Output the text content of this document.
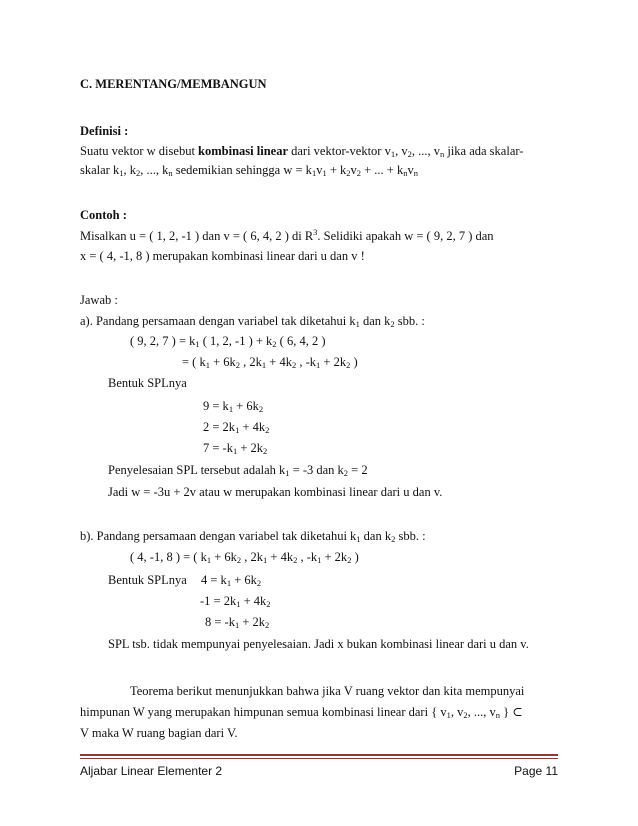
C. MERENTANG/MEMBANGUN
Definisi :
Suatu vektor w disebut kombinasi linear dari vektor-vektor $v_1$, $v_2$, ..., $v_n$ jika ada skalar-
skalar $k_1$, $k_2$, ..., $k_n$ sedemikian sehingga $w = k_1v_1 + k_2v_2$ + ... + $k_nv_n$
Contoh :
Misalkan u = ( 1, 2, -1 ) dan v = ( 6, 4, 2 ) di $R^3$. Selidiki apakah w = ( 9, 2, 7 ) dan
x = ( 4, -1, 8 ) merupakan kombinasi linear dari u dan v !
Jawab :
a). Pandang persamaan dengan variabel tak diketahui $k_1$ dan $k_2$ sbb. :
( 9, 2, 7 ) = $k_1$ ( 1, 2, -1 ) + $k_2$ ( 6, 4, 2 )
= ( $k_1 + 6k_2$ , $2k_1 + 4k_2$ , $-k_1 + 2k_2$ )
Bentuk SPLnya
$9 = k_1 + 6k_2$
$2 = 2k_1 + 4k_2$
$7 = -k_1 + 2k_2$
Penyelesaian SPL tersebut adalah $k_1 = -3$ dan $k_2 = 2$
Jadi w = -3u + 2v atau w merupakan kombinasi linear dari u dan v.
b). Pandang persamaan dengan variabel tak diketahui $k_1$ dan $k_2$ sbb. :
( 4, -1, 8 ) = ( $k_1 + 6k_2$ , $2k_1 + 4k_2$ , $-k_1 + 2k_2$ )
Bentuk SPLnya $4 = k_1 + 6k_2$
$-1 = 2k_1 + 4k_2$
$8 = -k_1 + 2k_2$
SPL tsb. tidak mempunyai penyelesaian. Jadi x bukan kombinasi linear dari u dan v.
Teorema berikut menunjukkan bahwa jika V ruang vektor dan kita mempunyai
himpunan W yang merupakan himpunan semua kombinasi linear dari { $v_1$, $v_2$, ..., $v_n$ } ⊂
V maka W ruang bagian dari V.
Aljabar Linear Elementer 2	Page 11
